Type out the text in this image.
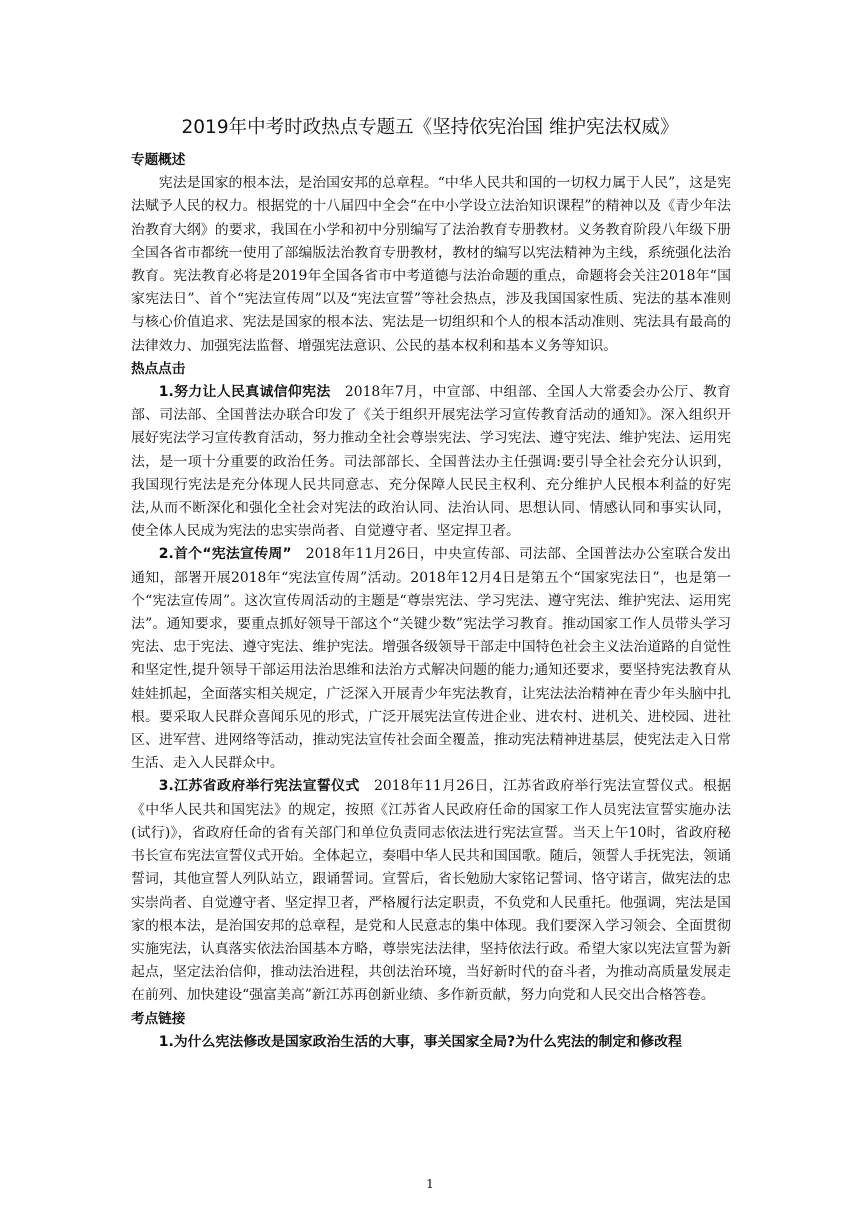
2019年中考时政热点专题五《坚持依宪治国 维护宪法权威》
专题概述

宪法是国家的根本法，是治国安邦的总章程。“中华人民共和国的一切权力属于人民”，这是宪法赋予人民的权力。根据党的十八届四中全会“在中小学设立法治知识课程”的精神以及《青少年法治教育大纲》的要求，我国在小学和初中分别编写了法治教育专册教材。义务教育阶段八年级下册全国各省市都统一使用了部编版法治教育专册教材，教材的编写以宪法精神为主线，系统强化法治教育。宪法教育必将是2019年全国各省市中考道德与法治命题的重点，命题将会关注2018年“国家宪法日”、首个“宪法宣传周”以及“宪法宣誓”等社会热点，涉及我国国家性质、宪法的基本准则与核心价值追求、宪法是国家的根本法、宪法是一切组织和个人的根本活动准则、宪法具有最高的法律效力、加强宪法监督、增强宪法意识、公民的基本权利和基本义务等知识。

热点点击

1.努力让人民真诚信仰宪法 2018年7月，中宣部、中组部、全国人大常委会办公厅、教育部、司法部、全国普法办联合印发了《关于组织开展宪法学习宣传教育活动的通知》。深入组织开展好宪法学习宣传教育活动，努力推动全社会尊崇宪法、学习宪法、遵守宪法、维护宪法、运用宪法，是一项十分重要的政治任务。司法部部长、全国普法办主任强调:要引导全社会充分认识到，我国现行宪法是充分体现人民共同意志、充分保障人民民主权利、充分维护人民根本利益的好宪法,从而不断深化和强化全社会对宪法的政治认同、法治认同、思想认同、情感认同和事实认同，使全体人民成为宪法的忠实崇尚者、自觉遵守者、坚定捍卫者。

2.首个“宪法宣传周” 2018年11月26日，中央宣传部、司法部、全国普法办公室联合发出通知，部署开展2018年“宪法宣传周”活动。2018年12月4日是第五个“国家宪法日”，也是第一个“宪法宣传周”。这次宣传周活动的主题是“尊崇宪法、学习宪法、遵守宪法、维护宪法、运用宪法”。通知要求，要重点抓好领导干部这个“关键少数”宪法学习教育。推动国家工作人员带头学习宪法、忠于宪法、遵守宪法、维护宪法。增强各级领导干部走中国特色社会主义法治道路的自觉性和坚定性,提升领导干部运用法治思维和法治方式解决问题的能力;通知还要求，要坚持宪法教育从娃娃抓起，全面落实相关规定，广泛深入开展青少年宪法教育，让宪法法治精神在青少年头脑中扎根。要采取人民群众喜闻乐见的形式，广泛开展宪法宣传进企业、进农村、进机关、进校园、进社区、进军营、进网络等活动，推动宪法宣传社会面全覆盖，推动宪法精神进基层，使宪法走入日常生活、走入人民群众中。

3.江苏省政府举行宪法宣誓仪式 2018年11月26日，江苏省政府举行宪法宣誓仪式。根据《中华人民共和国宪法》的规定，按照《江苏省人民政府任命的国家工作人员宪法宣誓实施办法(试行)》，省政府任命的省有关部门和单位负责同志依法进行宪法宣誓。当天上午10时，省政府秘书长宣布宪法宣誓仪式开始。全体起立，奏唱中华人民共和国国歌。随后，领誓人手抚宪法，领诵誓词，其他宣誓人列队站立，跟诵誓词。宣誓后，省长勉励大家铭记誓词、恪守诺言，做宪法的忠实崇尚者、自觉遵守者、坚定捍卫者，严格履行法定职责，不负党和人民重托。他强调，宪法是国家的根本法，是治国安邦的总章程，是党和人民意志的集中体现。我们要深入学习领会、全面贯彻实施宪法，认真落实依法治国基本方略，尊崇宪法法律，坚持依法行政。希望大家以宪法宣誓为新起点，坚定法治信仰，推动法治进程，共创法治环境，当好新时代的奋斗者，为推动高质量发展走在前列、加快建设“强富美高”新江苏再创新业绩、多作新贡献，努力向党和人民交出合格答卷。

考点链接

1.为什么宪法修改是国家政治生活的大事，事关国家全局?为什么宪法的制定和修改程

1
